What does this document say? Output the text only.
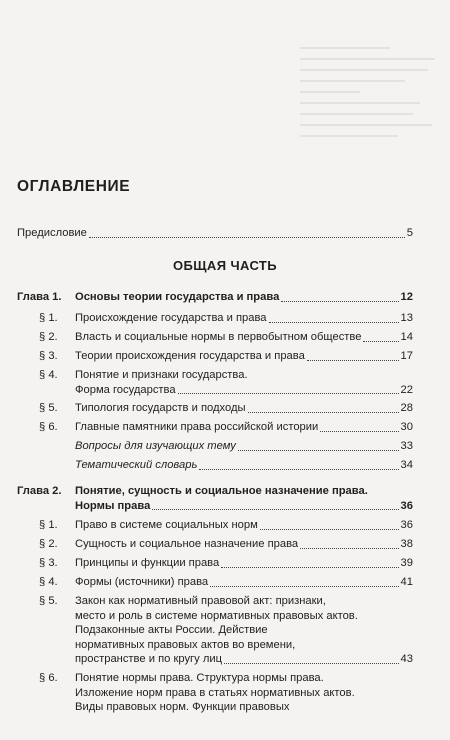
ОГЛАВЛЕНИЕ
Предисловие	5
ОБЩАЯ ЧАСТЬ
Глава 1. Основы теории государства и права	12
§ 1. Происхождение государства и права	13
§ 2. Власть и социальные нормы в первобытном обществе	14
§ 3. Теории происхождения государства и права	17
§ 4. Понятие и признаки государства.
Форма государства	22
§ 5. Типология государств и подходы	28
§ 6. Главные памятники права российской истории	30
Вопросы для изучающих тему	33
Тематический словарь	34
Глава 2. Понятие, сущность и социальное назначение права.
Нормы права	36
§ 1. Право в системе социальных норм	36
§ 2. Сущность и социальное назначение права	38
§ 3. Принципы и функции права	39
§ 4. Формы (источники) права	41
§ 5. Закон как нормативный правовой акт: признаки,
место и роль в системе нормативных правовых актов.
Подзаконные акты России. Действие
нормативных правовых актов во времени,
пространстве и по кругу лиц	43
§ 6. Понятие нормы права. Структура нормы права.
Изложение норм права в статьях нормативных актов.
Виды правовых норм. Функции правовых
